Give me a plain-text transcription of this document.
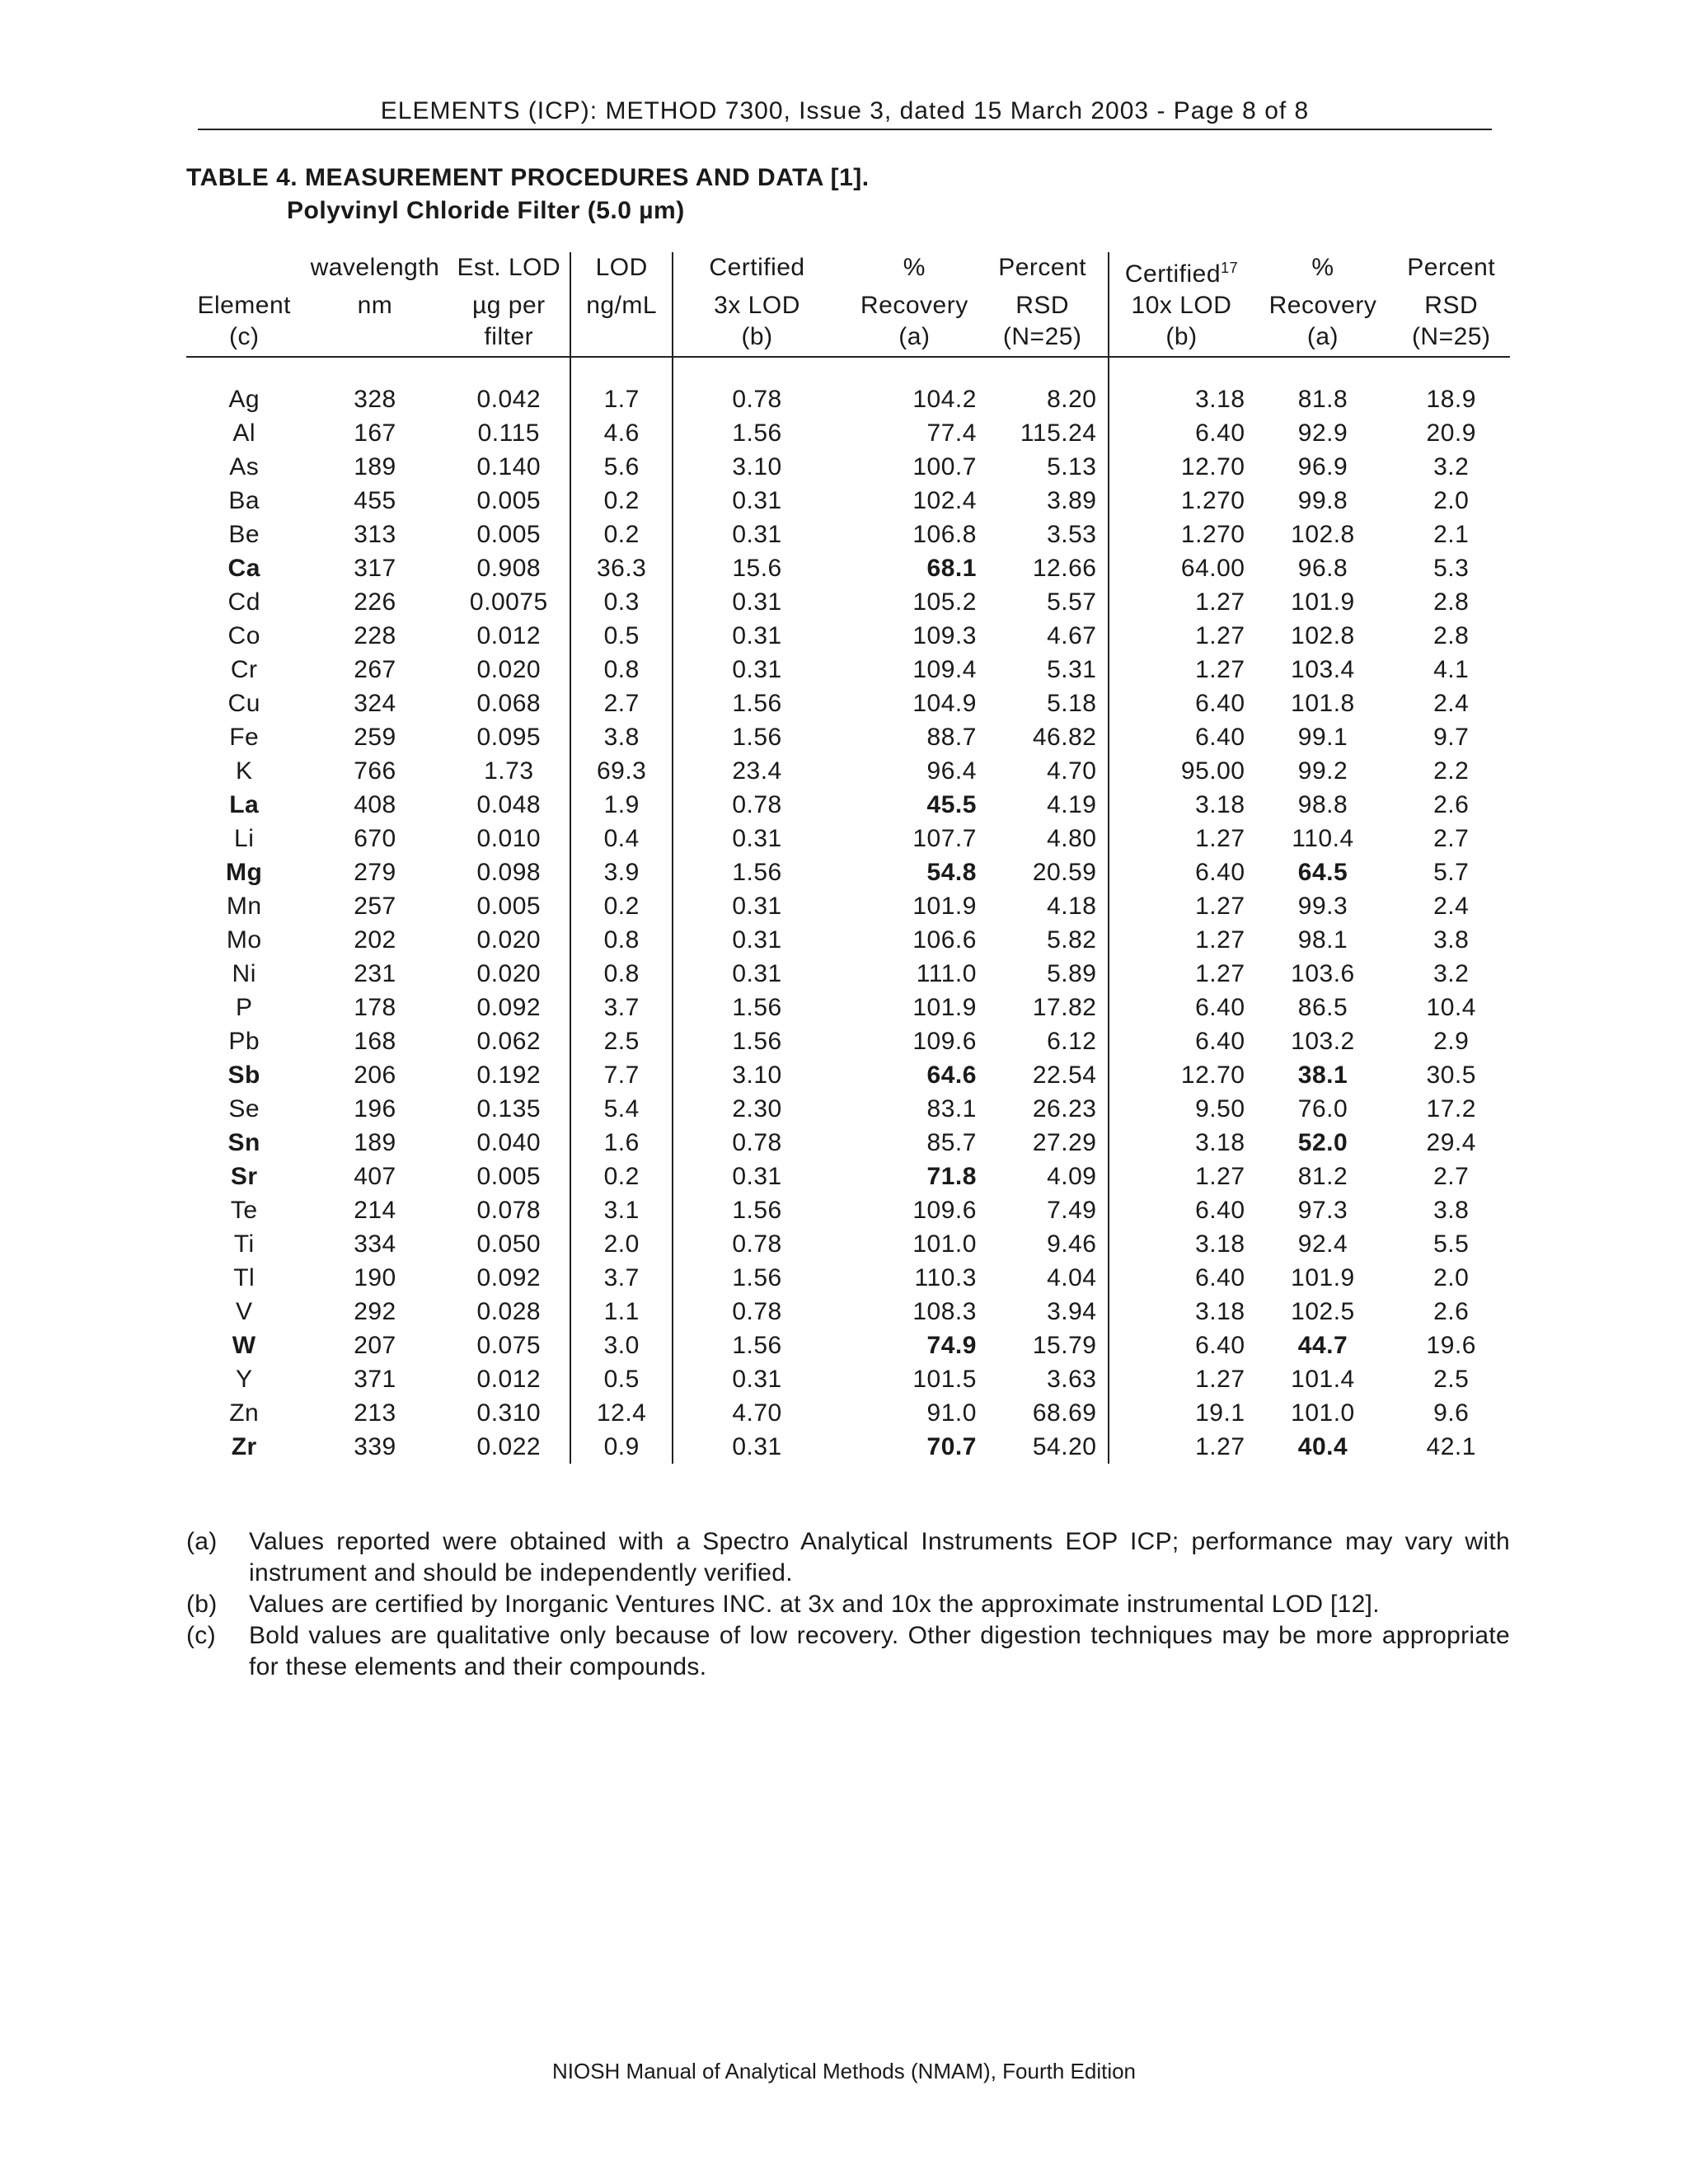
ELEMENTS (ICP): METHOD 7300, Issue 3, dated 15 March 2003 - Page 8 of 8
TABLE 4. MEASUREMENT PROCEDURES AND DATA [1].
Polyvinyl Chloride Filter (5.0 µm)
	wavelength	Est. LOD	LOD	Certified	%	Percent	Certified$^{17}$	%	Percent
Element	nm	µg per	ng/mL	3x LOD	Recovery	RSD	10x LOD	Recovery	RSD
(c)		filter		(b)	(a)	(N=25)	(b)	(a)	(N=25)

Ag	328	0.042	1.7	0.78	104.2	8.20	3.18	81.8	18.9
Al	167	0.115	4.6	1.56	77.4	115.24	6.40	92.9	20.9
As	189	0.140	5.6	3.10	100.7	5.13	12.70	96.9	3.2
Ba	455	0.005	0.2	0.31	102.4	3.89	1.270	99.8	2.0
Be	313	0.005	0.2	0.31	106.8	3.53	1.270	102.8	2.1
Ca	317	0.908	36.3	15.6	68.1	12.66	64.00	96.8	5.3
Cd	226	0.0075	0.3	0.31	105.2	5.57	1.27	101.9	2.8
Co	228	0.012	0.5	0.31	109.3	4.67	1.27	102.8	2.8
Cr	267	0.020	0.8	0.31	109.4	5.31	1.27	103.4	4.1
Cu	324	0.068	2.7	1.56	104.9	5.18	6.40	101.8	2.4
Fe	259	0.095	3.8	1.56	88.7	46.82	6.40	99.1	9.7
K	766	1.73	69.3	23.4	96.4	4.70	95.00	99.2	2.2
La	408	0.048	1.9	0.78	45.5	4.19	3.18	98.8	2.6
Li	670	0.010	0.4	0.31	107.7	4.80	1.27	110.4	2.7
Mg	279	0.098	3.9	1.56	54.8	20.59	6.40	64.5	5.7
Mn	257	0.005	0.2	0.31	101.9	4.18	1.27	99.3	2.4
Mo	202	0.020	0.8	0.31	106.6	5.82	1.27	98.1	3.8
Ni	231	0.020	0.8	0.31	111.0	5.89	1.27	103.6	3.2
P	178	0.092	3.7	1.56	101.9	17.82	6.40	86.5	10.4
Pb	168	0.062	2.5	1.56	109.6	6.12	6.40	103.2	2.9
Sb	206	0.192	7.7	3.10	64.6	22.54	12.70	38.1	30.5
Se	196	0.135	5.4	2.30	83.1	26.23	9.50	76.0	17.2
Sn	189	0.040	1.6	0.78	85.7	27.29	3.18	52.0	29.4
Sr	407	0.005	0.2	0.31	71.8	4.09	1.27	81.2	2.7
Te	214	0.078	3.1	1.56	109.6	7.49	6.40	97.3	3.8
Ti	334	0.050	2.0	0.78	101.0	9.46	3.18	92.4	5.5
Tl	190	0.092	3.7	1.56	110.3	4.04	6.40	101.9	2.0
V	292	0.028	1.1	0.78	108.3	3.94	3.18	102.5	2.6
W	207	0.075	3.0	1.56	74.9	15.79	6.40	44.7	19.6
Y	371	0.012	0.5	0.31	101.5	3.63	1.27	101.4	2.5
Zn	213	0.310	12.4	4.70	91.0	68.69	19.1	101.0	9.6
Zr	339	0.022	0.9	0.31	70.7	54.20	1.27	40.4	42.1
(a)	Values reported were obtained with a Spectro Analytical Instruments EOP ICP; performance may vary with instrument and should be independently verified.
(b)	Values are certified by Inorganic Ventures INC. at 3x and 10x the approximate instrumental LOD [12].
(c)	Bold values are qualitative only because of low recovery. Other digestion techniques may be more appropriate for these elements and their compounds.
NIOSH Manual of Analytical Methods (NMAM), Fourth Edition
